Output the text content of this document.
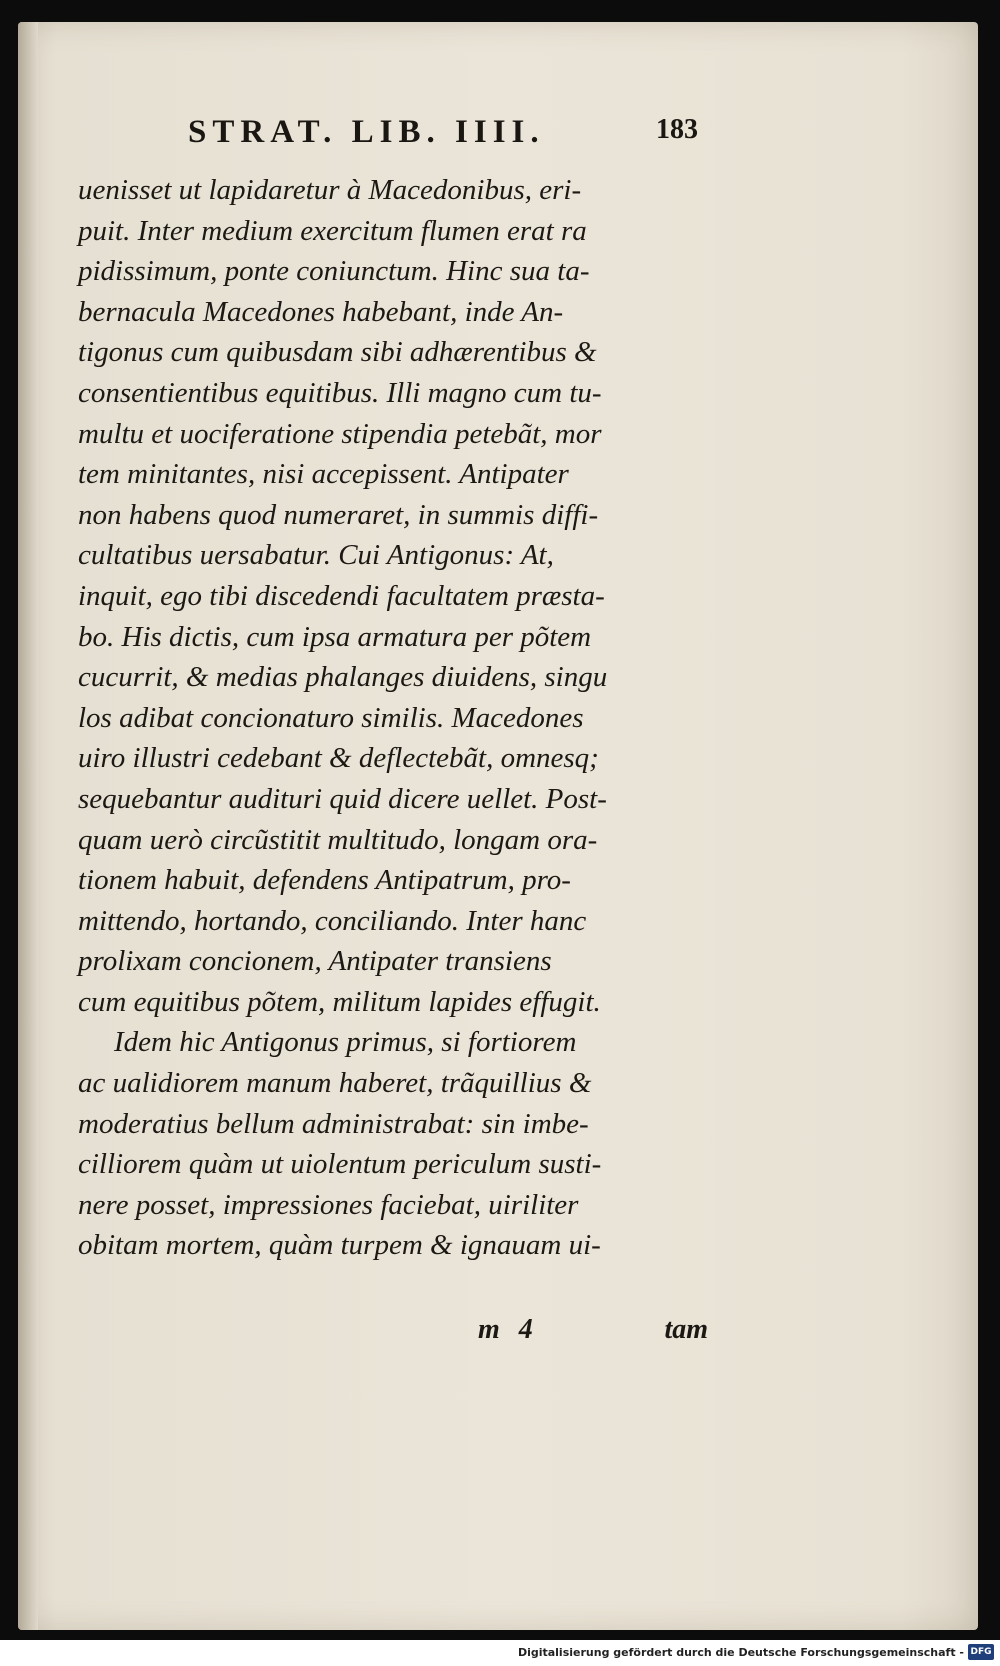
STRAT. LIB. IIII.	183
uenisset ut lapidaretur à Macedonibus, eri-
puit. Inter medium exercitum flumen erat ra
pidissimum, ponte coniunctum. Hinc sua ta-
bernacula Macedones habebant, inde An-
tigonus cum quibusdam sibi adhærentibus &
consentientibus equitibus. Illi magno cum tu-
multu et uociferatione stipendia petebãt, mor
tem minitantes, nisi accepissent. Antipater
non habens quod numeraret, in summis diffi-
cultatibus uersabatur. Cui Antigonus: At,
inquit, ego tibi discedendi facultatem præsta-
bo. His dictis, cum ipsa armatura per põtem
cucurrit, & medias phalanges diuidens, singu
los adibat concionaturo similis. Macedones
uiro illustri cedebant & deflectebãt, omnesq;
sequebantur audituri quid dicere uellet. Post-
quam uerò circũstitit multitudo, longam ora-
tionem habuit, defendens Antipatrum, pro-
mittendo, hortando, conciliando. Inter hanc
prolixam concionem, Antipater transiens
cum equitibus põtem, militum lapides effugit.
Idem hic Antigonus primus, si fortiorem
ac ualidiorem manum haberet, trãquillius &
moderatius bellum administrabat: sin imbe-
cilliorem quàm ut uiolentum periculum susti-
nere posset, impressiones faciebat, uiriliter
obitam mortem, quàm turpem & ignauam ui-
m 4	tam
Digitalisierung gefördert durch die Deutsche Forschungsgemeinschaft - DFG
